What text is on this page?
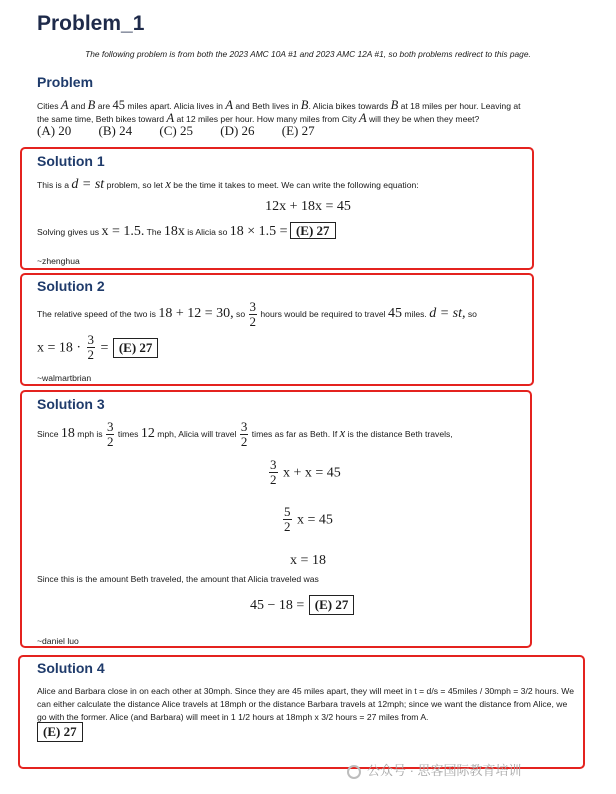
Problem_1
The following problem is from both the 2023 AMC 10A #1 and 2023 AMC 12A #1, so both problems redirect to this page.
Problem
Cities A and B are 45 miles apart. Alicia lives in A and Beth lives in B. Alicia bikes towards B at 18 miles per hour. Leaving at
the same time, Beth bikes toward A at 12 miles per hour. How many miles from City A will they be when they meet?
(A) 20 (B) 24 (C) 25 (D) 26 (E) 27
Solution 1
This is a d = st problem, so let x be the time it takes to meet. We can write the following equation:
12x + 18x = 45
Solving gives us x = 1.5. The 18x is Alicia so 18 × 1.5 = (E) 27
~zhenghua
Solution 2
The relative speed of the two is 18 + 12 = 30, so $\frac{3}{2}$ hours would be required to travel 45 miles. d = st, so
$x = 18 \cdot \frac{3}{2} = (E)$ 27
~walmartbrian
Solution 3
Since 18 mph is $\frac{3}{2}$ times 12 mph, Alicia will travel $\frac{3}{2}$ times as far as Beth. If x is the distance Beth travels,
$\frac{3}{2}$ x + x = 45
$\frac{5}{2}$ x = 45
x = 18
Since this is the amount Beth traveled, the amount that Alicia traveled was
45 − 18 = (E) 27
~daniel luo
Solution 4
Alice and Barbara close in on each other at 30mph. Since they are 45 miles apart, they will meet in t = d/s = 45miles / 30mph = 3/2 hours. We can either calculate the distance Alice travels at 18mph or the distance Barbara travels at 12mph; since we want the distance from Alice, we go with the former. Alice (and Barbara) will meet in 1 1/2 hours at 18mph x 3/2 hours = 27 miles from A.
(E) 27
公众号 · 思客国际教育培训
